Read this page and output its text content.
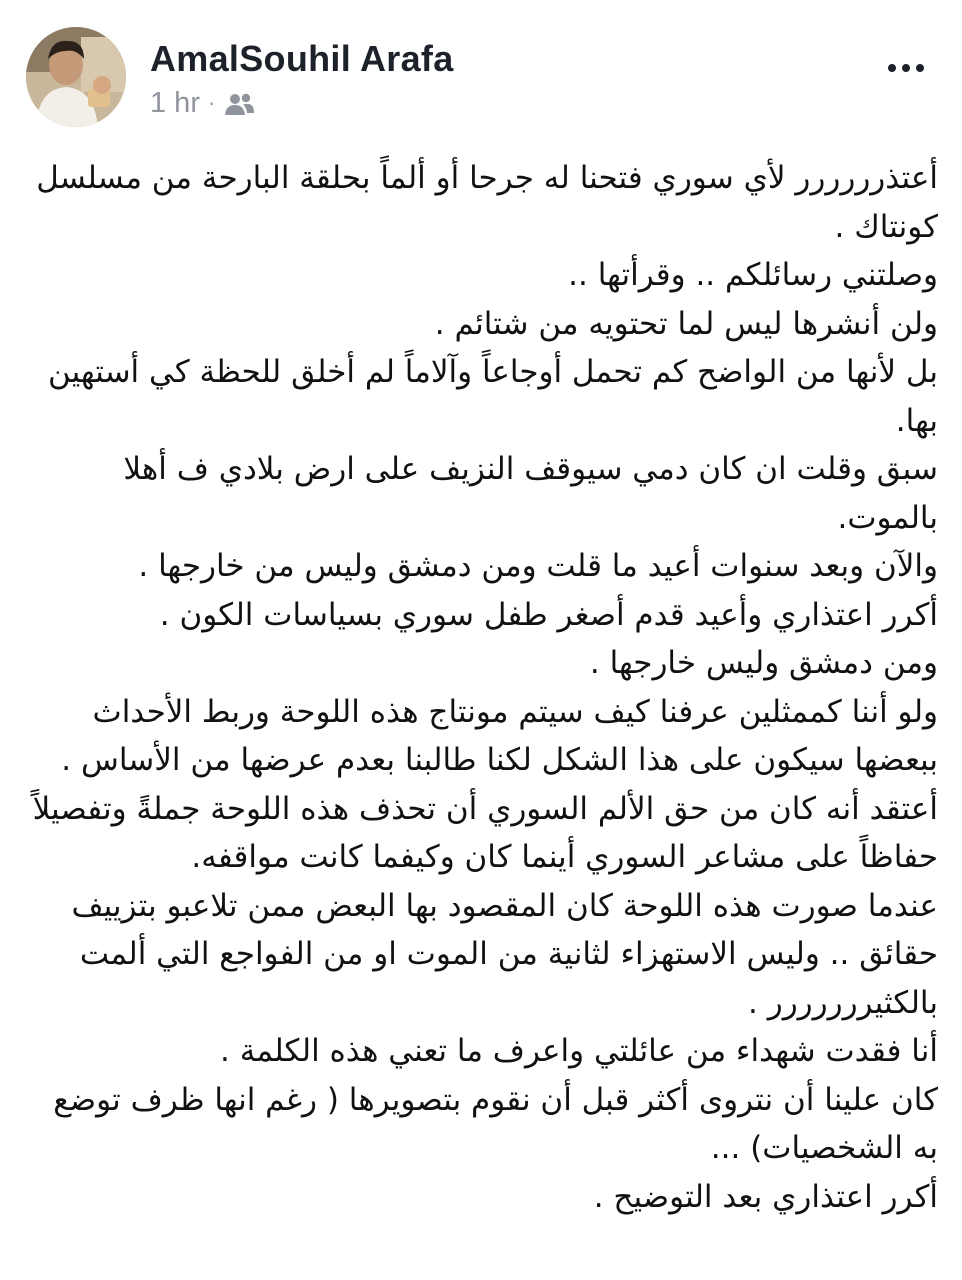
AmalSouhil Arafa
1 hr ·

أعتذرررررر لأي سوري فتحنا له جرحا أو ألماً بحلقة البارحة من مسلسل كونتاك .

وصلتني رسائلكم .. وقرأتها ..

ولن أنشرها ليس لما تحتويه من شتائم .

بل لأنها من الواضح كم تحمل أوجاعاً وآلاماً لم أخلق للحظة كي أستهين بها.

سبق وقلت ان كان دمي سيوقف النزيف على ارض بلادي ف أهلا بالموت.

والآن وبعد سنوات أعيد ما قلت ومن دمشق وليس من خارجها .

أكرر اعتذاري وأعيد قدم أصغر طفل سوري بسياسات الكون .

ومن دمشق وليس خارجها .

ولو أننا كممثلين عرفنا كيف سيتم مونتاج هذه اللوحة وربط الأحداث ببعضها سيكون على هذا الشكل لكنا طالبنا بعدم عرضها من الأساس .

أعتقد أنه كان من حق الألم السوري أن تحذف هذه اللوحة جملةً وتفصيلاً حفاظاً على مشاعر السوري أينما كان وكيفما كانت مواقفه.

عندما صورت هذه اللوحة كان المقصود بها البعض ممن تلاعبو بتزييف حقائق .. وليس الاستهزاء لثانية من الموت او من الفواجع التي ألمت بالكثيررررررر .

أنا فقدت شهداء من عائلتي واعرف ما تعني هذه الكلمة .

كان علينا أن نتروى أكثر قبل أن نقوم بتصويرها ( رغم انها ظرف توضع به الشخصيات) ...

أكرر اعتذاري بعد التوضيح .
